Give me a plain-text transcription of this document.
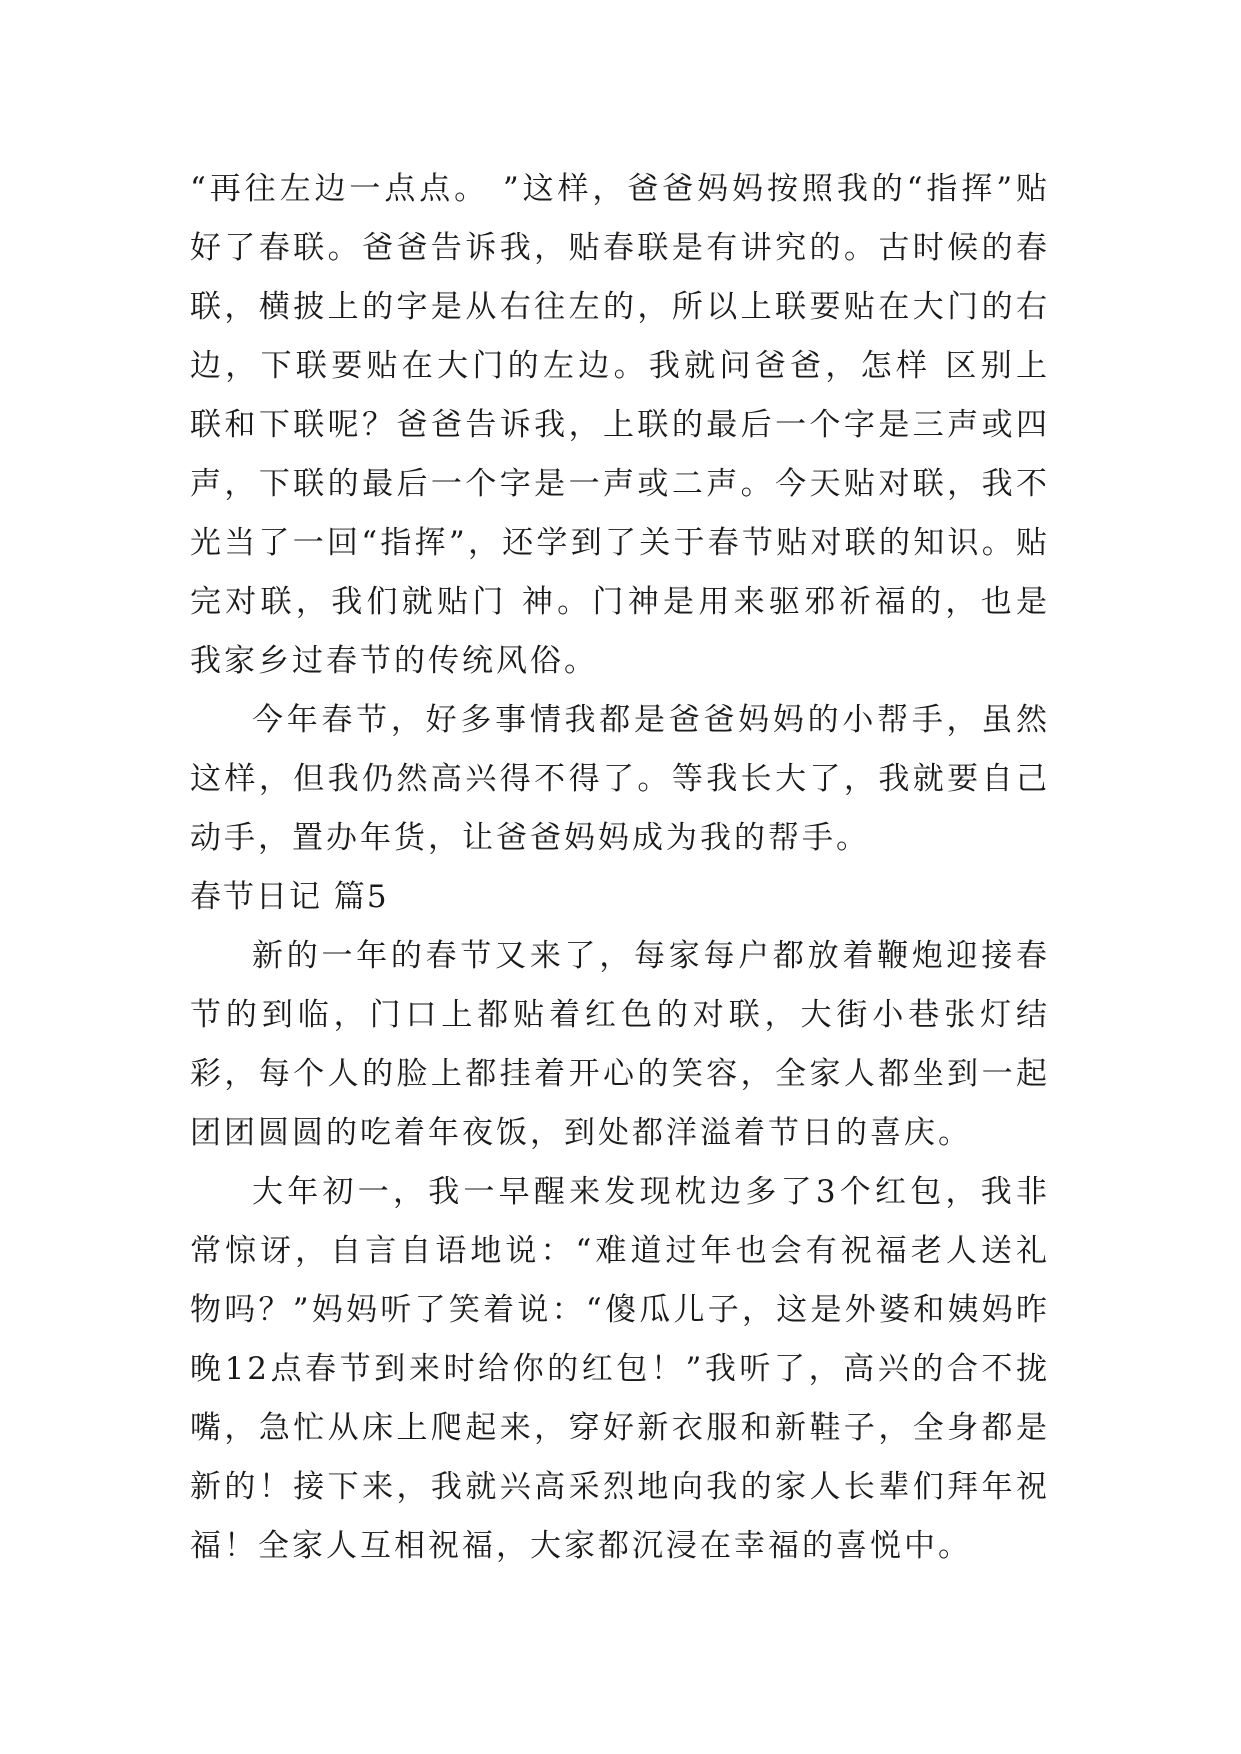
“再往左边一点点。 ”这样，爸爸妈妈按照我的“指挥”贴好了春联。爸爸告诉我，贴春联是有讲究的。古时候的春联，横披上的字是从右往左的，所以上联要贴在大门的右边，下联要贴在大门的左边。我就问爸爸，怎样 区别上联和下联呢？爸爸告诉我，上联的最后一个字是三声或四声，下联的最后一个字是一声或二声。今天贴对联，我不光当了一回“指挥”，还学到了关于春节贴对联的知识。贴完对联，我们就贴门 神。门神是用来驱邪祈福的，也是我家乡过春节的传统风俗。

今年春节，好多事情我都是爸爸妈妈的小帮手，虽然这样，但我仍然高兴得不得了。等我长大了，我就要自己动手，置办年货，让爸爸妈妈成为我的帮手。

春节日记 篇5

新的一年的春节又来了，每家每户都放着鞭炮迎接春节的到临，门口上都贴着红色的对联，大街小巷张灯结彩，每个人的脸上都挂着开心的笑容，全家人都坐到一起团团圆圆的吃着年夜饭，到处都洋溢着节日的喜庆。

大年初一，我一早醒来发现枕边多了3个红包，我非常惊讶，自言自语地说：“难道过年也会有祝福老人送礼物吗？”妈妈听了笑着说：“傻瓜儿子，这是外婆和姨妈昨晚12点春节到来时给你的红包！”我听了，高兴的合不拢嘴，急忙从床上爬起来，穿好新衣服和新鞋子，全身都是新的！接下来，我就兴高采烈地向我的家人长辈们拜年祝福！全家人互相祝福，大家都沉浸在幸福的喜悦中。
